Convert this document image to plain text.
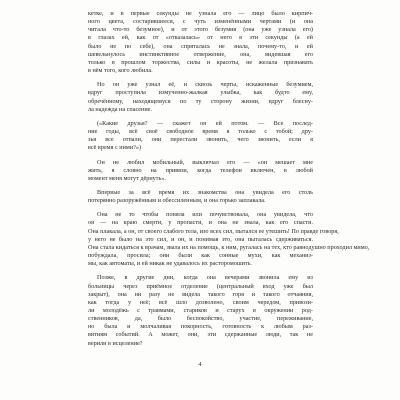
кетке, и в первые секунды не узнала его — лицо было кирпич-
ного цвета, состарившееся, с чуть изменёнными чертами (и она
читала что-то безумное), и от этого безумия (она уже узнала его)
в глазах ей, как от «отказалась» от него в эти секунды (а ей
было не по себе), она спряталась не знала, почему-то, и ей
шевельнулось инстинктивное отвержение, она, видевшая его
только в прошлом торжества, силы и красоты, не желала признавать
в нём того, кого любила.
Но он уже узнал её, и сквозь черты, искаженные безумием,
вдруг проступила измученно-жалкая улыбка, как будто ему,
обречённому, находящемуся по ту сторону жизни, вдруг блесну-
ла надежда на спасение.
(«Какие друзья? — скажет он ей потом. — Все послед-
ние годы, всё своё свободное время я только с тобой; дру-
зья все отпали, они перестали звонить, чего звонить, если я
всё время с ними?»)
Он не любил мобильный, выключал его — «он мешает мне
жить, я словно на привязи, когда телефон включен, в любой
момент меня могут дёрнуть».
Впервые за всё время их знакомства она увидела его столь
потерянно разоружённым и обессиленным, и она горько заплакала.
Она не то чтобы поняла или почувствовала, она увидела, что
он — на краю смерти, у пропасти, и она не знала, как его спасти.
Она плакала, а он, от своего слабого тела, изо всех сил, пытался ее утешить! По правде говоря,
у него не было на это сил, и он, и понимая это, она пыталась сдерживаться.
Она стала кидаться к врачам, звала их на помощь, к ним, ругалась на тех, кто равнодушно проходил мимо,
побуждала, просила; они были как сонные мухи, как механиз-
мы, как автоматы, и ей никак не удавалось их расторомошить.
Позже, в другие дни, когда она вечерами звонила ему из
больницы через приёмное отделение (центральный вход уже был
закрыт), она ни разу не видела такого горя и такого отчаяния,
как тогда у неё; всё шло дозволено, своим чередом, привози-
ли молодёжь с травмами, стариков и старух в окружении род-
ственников, да, было беспокойство, участие, переживание,
но была и молчаливая покорность, готовность к любым раз-
витиям событий. А может, они, эти сдержанные люди, так не
верили в исцеление?
4
